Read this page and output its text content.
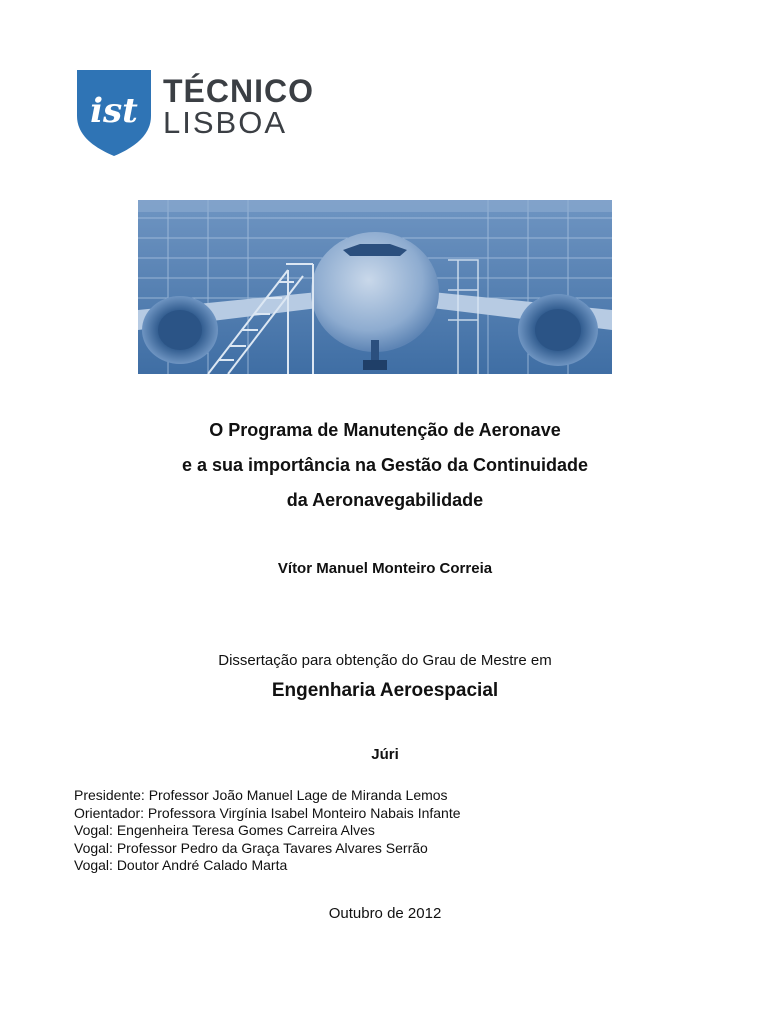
ist TÉCNICO
LISBOA
O Programa de Manutenção de Aeronave
e a sua importância na Gestão da Continuidade
da Aeronavegabilidade
Vítor Manuel Monteiro Correia
Dissertação para obtenção do Grau de Mestre em
Engenharia Aeroespacial
Júri
Presidente: Professor João Manuel Lage de Miranda Lemos
Orientador: Professora Virgínia Isabel Monteiro Nabais Infante
Vogal: Engenheira Teresa Gomes Carreira Alves
Vogal: Professor Pedro da Graça Tavares Alvares Serrão
Vogal: Doutor André Calado Marta
Outubro de 2012
